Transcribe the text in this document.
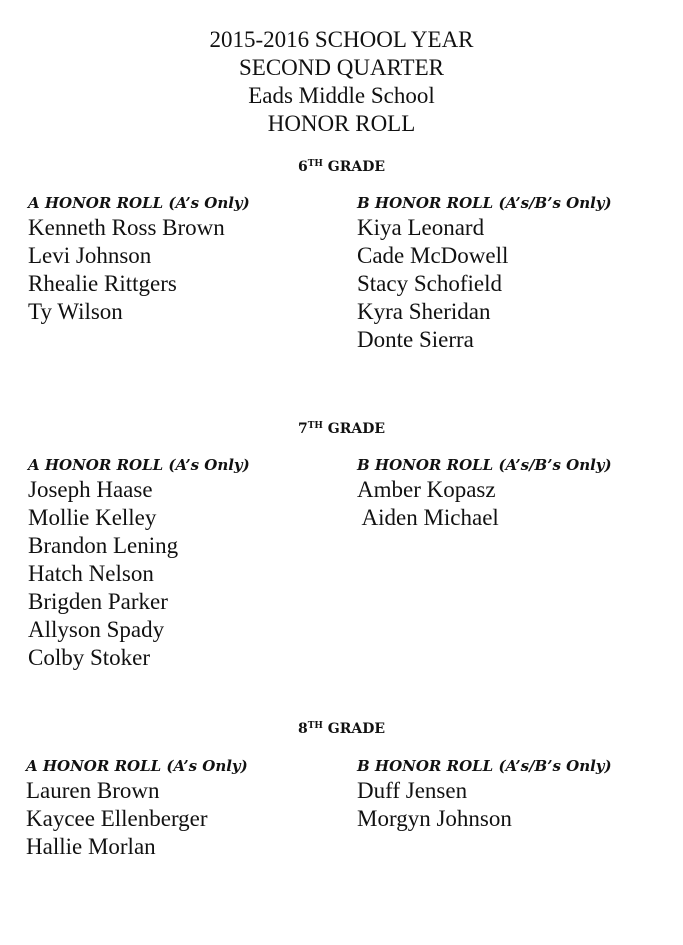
2015-2016 SCHOOL YEAR
SECOND QUARTER
Eads Middle School
HONOR ROLL
6TH GRADE
A HONOR ROLL (A’s Only)
Kenneth Ross Brown
Levi Johnson
Rhealie Rittgers
Ty Wilson
B HONOR ROLL (A’s/B’s Only)
Kiya Leonard
Cade McDowell
Stacy Schofield
Kyra Sheridan
Donte Sierra
7TH GRADE
A HONOR ROLL (A’s Only)
Joseph Haase
Mollie Kelley
Brandon Lening
Hatch Nelson
Brigden Parker
Allyson Spady
Colby Stoker
B HONOR ROLL (A’s/B’s Only)
Amber Kopasz
Aiden Michael
8TH GRADE
A HONOR ROLL (A’s Only)
Lauren Brown
Kaycee Ellenberger
Hallie Morlan
B HONOR ROLL (A’s/B’s Only)
Duff Jensen
Morgyn Johnson
